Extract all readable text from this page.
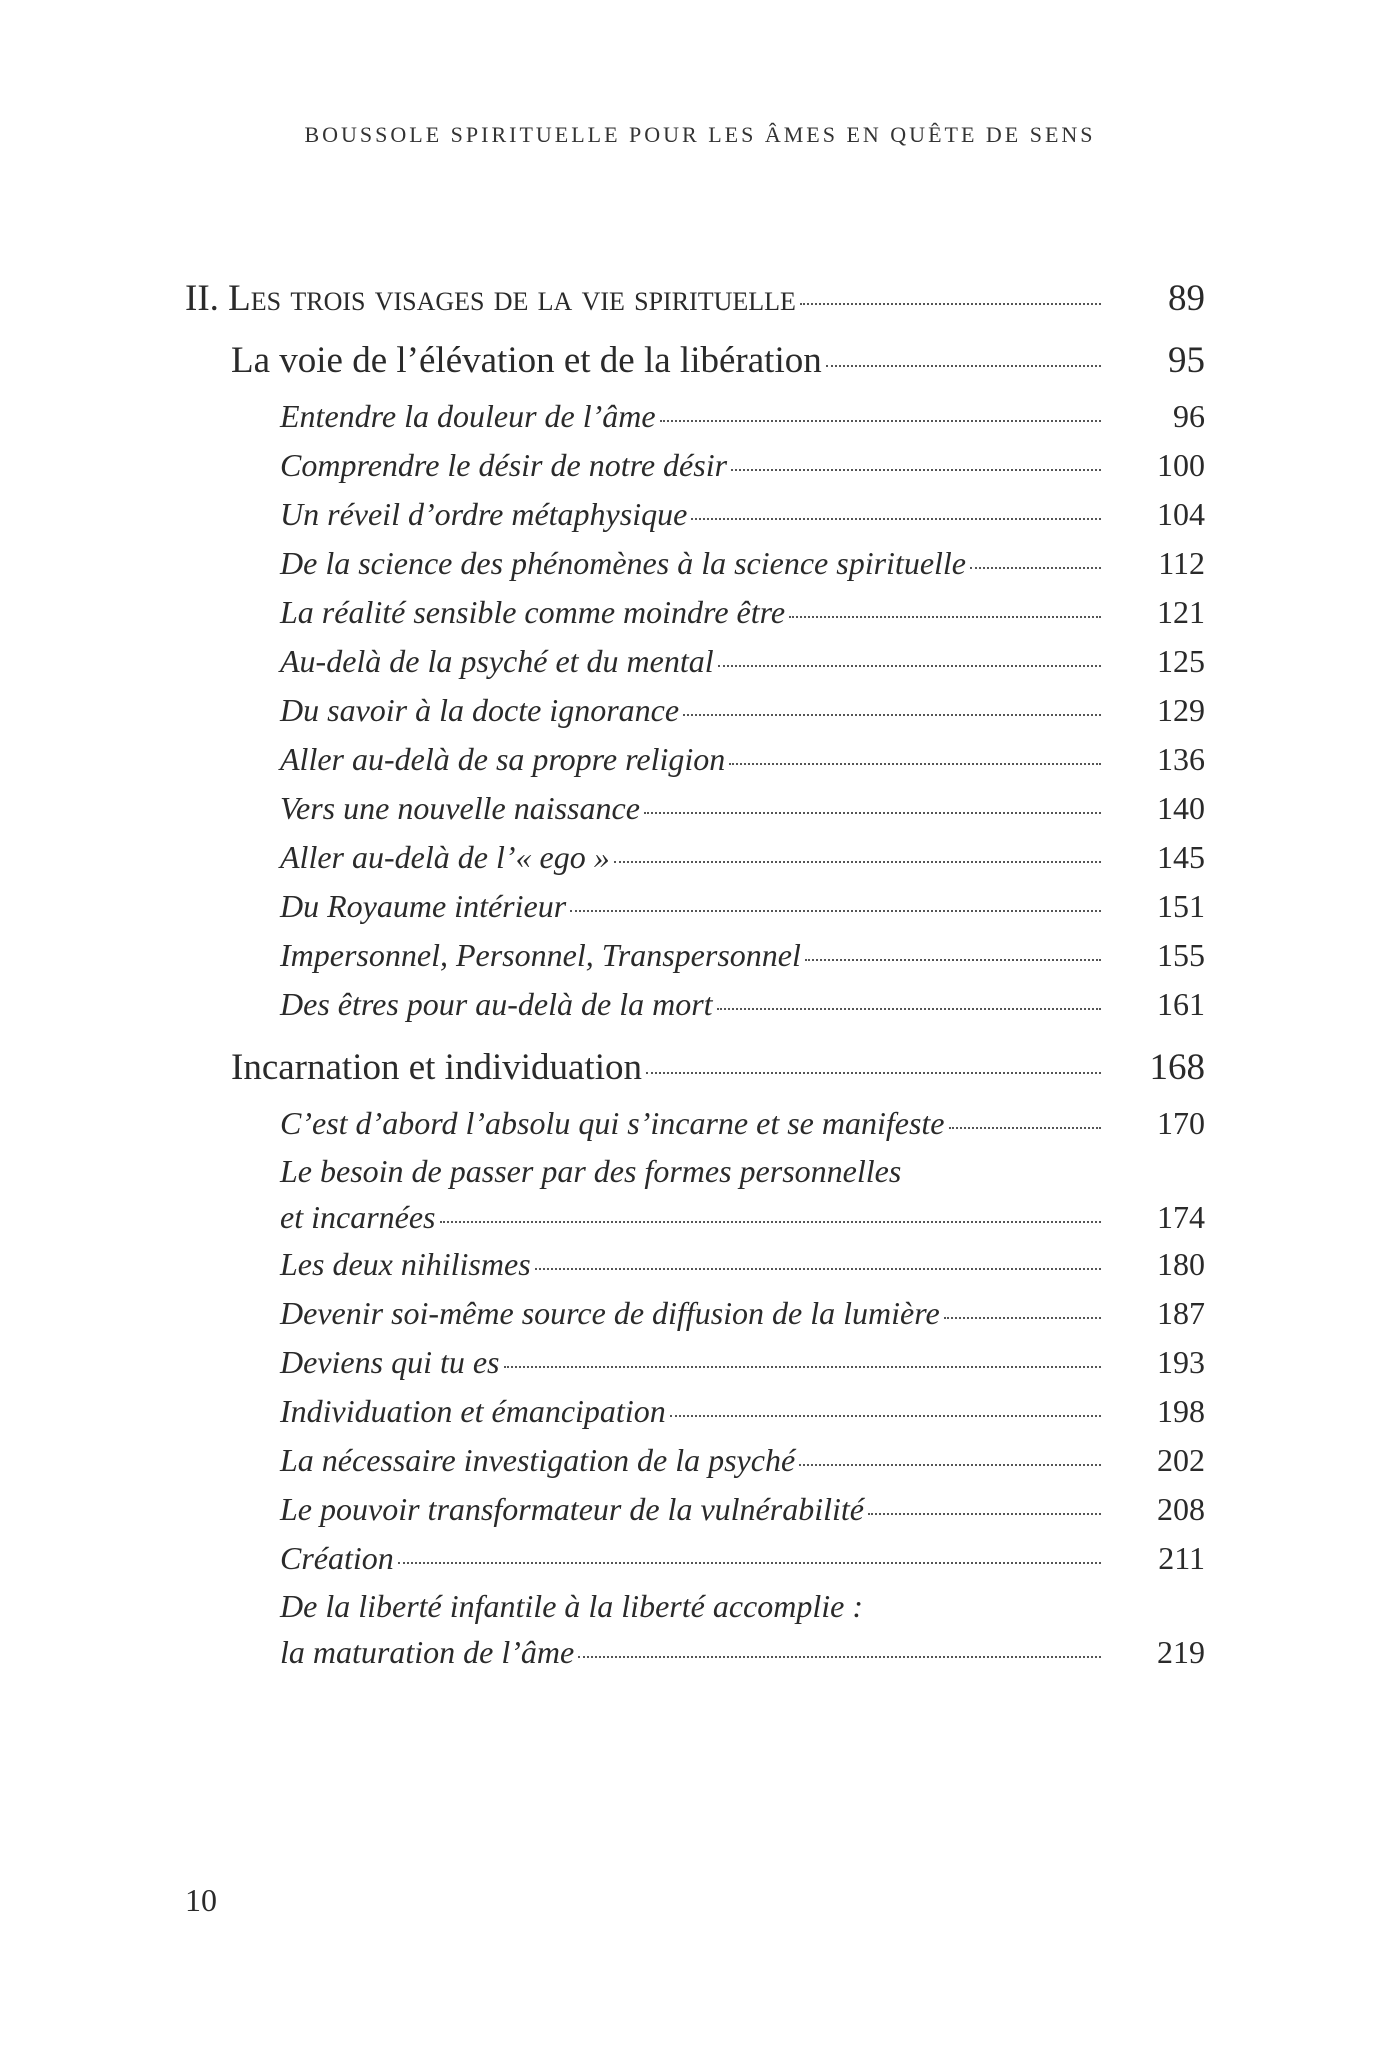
BOUSSOLE SPIRITUELLE POUR LES ÂMES EN QUÊTE DE SENS
II. Les trois visages de la vie spirituelle	89
La voie de l’élévation et de la libération	95
Entendre la douleur de l’âme	96
Comprendre le désir de notre désir	100
Un réveil d’ordre métaphysique	104
De la science des phénomènes à la science spirituelle	112
La réalité sensible comme moindre être	121
Au-delà de la psyché et du mental	125
Du savoir à la docte ignorance	129
Aller au-delà de sa propre religion	136
Vers une nouvelle naissance	140
Aller au-delà de l’« ego »	145
Du Royaume intérieur	151
Impersonnel, Personnel, Transpersonnel	155
Des êtres pour au-delà de la mort	161
Incarnation et individuation	168
C’est d’abord l’absolu qui s’incarne et se manifeste	170
Le besoin de passer par des formes personnelles
et incarnées	174
Les deux nihilismes	180
Devenir soi-même source de diffusion de la lumière	187
Deviens qui tu es	193
Individuation et émancipation	198
La nécessaire investigation de la psyché	202
Le pouvoir transformateur de la vulnérabilité	208
Création	211
De la liberté infantile à la liberté accomplie :
la maturation de l’âme	219
10
